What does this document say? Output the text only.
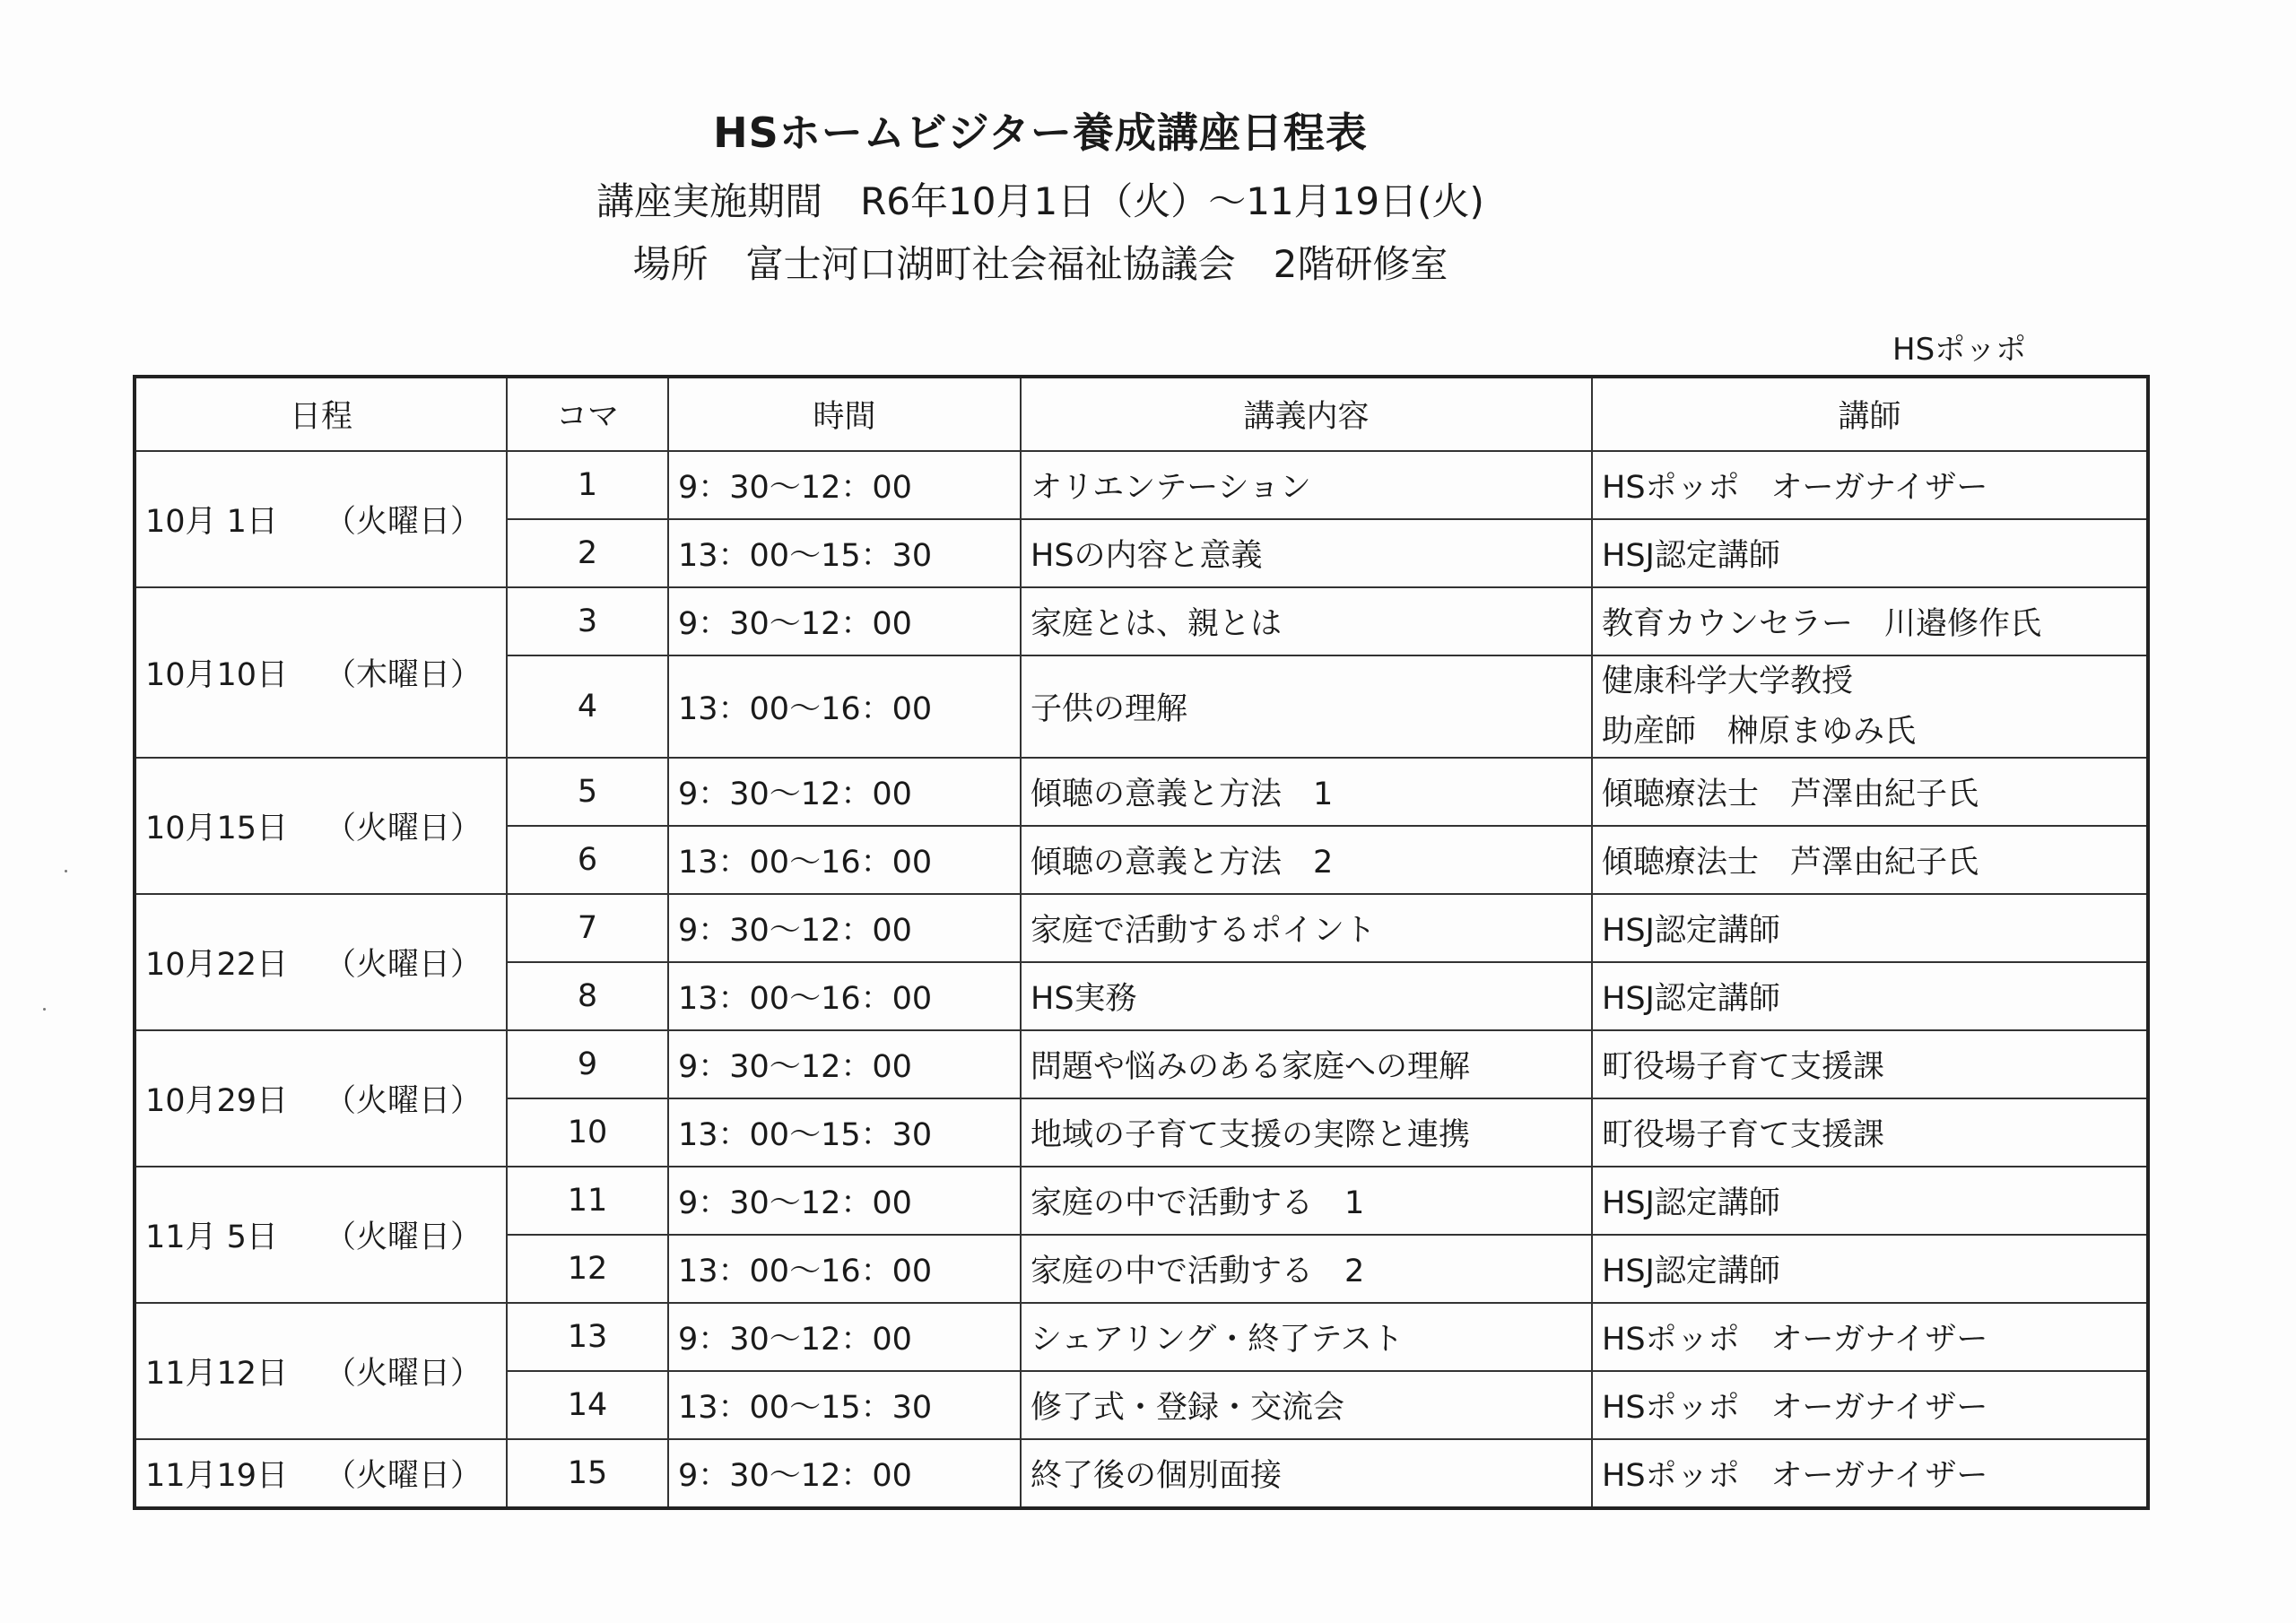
HSホームビジター養成講座日程表
講座実施期間　R6年10月1日（火）～11月19日(火)
場所　富士河口湖町社会福祉協議会　2階研修室
HSポッポ
日程	コマ	時間	講義内容	講師
10月 1日 （火曜日）	1	9：30～12：00	オリエンテーション	HSポッポ　オーガナイザー
	2	13：00～15：30	HSの内容と意義	HSJ認定講師
10月10日 （木曜日）	3	9：30～12：00	家庭とは、親とは	教育カウンセラー　川邉修作氏
	4	13：00～16：00	子供の理解	健康科学大学教授
助産師　榊原まゆみ氏

10月15日 （火曜日）	5	9：30～12：00	傾聴の意義と方法　1	傾聴療法士　芦澤由紀子氏
	6	13：00～16：00	傾聴の意義と方法　2	傾聴療法士　芦澤由紀子氏
10月22日 （火曜日）	7	9：30～12：00	家庭で活動するポイント	HSJ認定講師
	8	13：00～16：00	HS実務	HSJ認定講師
10月29日 （火曜日）	9	9：30～12：00	問題や悩みのある家庭への理解	町役場子育て支援課
	10	13：00～15：30	地域の子育て支援の実際と連携	町役場子育て支援課
11月 5日 （火曜日）	11	9：30～12：00	家庭の中で活動する　1	HSJ認定講師
	12	13：00～16：00	家庭の中で活動する　2	HSJ認定講師
11月12日 （火曜日）	13	9：30～12：00	シェアリング・終了テスト	HSポッポ　オーガナイザー
	14	13：00～15：30	修了式・登録・交流会	HSポッポ　オーガナイザー
11月19日 （火曜日）	15	9：30～12：00	終了後の個別面接	HSポッポ　オーガナイザー
